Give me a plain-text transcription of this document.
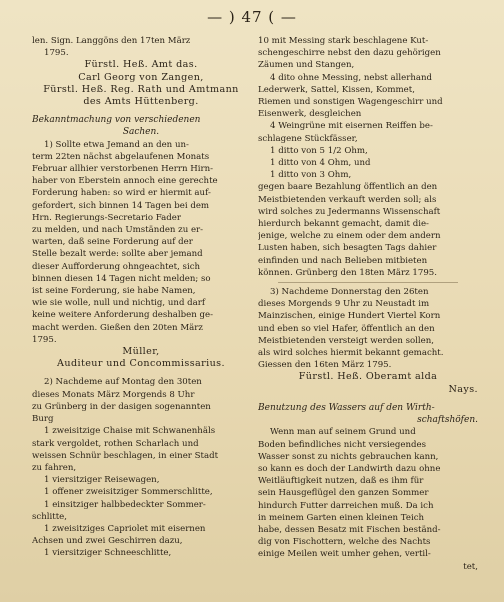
— ) 47 ( —
len. Sign. Langgöns den 17ten März
1795.
Fürstl. Heß. Amt das.
Carl Georg von Zangen,
Fürstl. Heß. Reg. Rath und Amtmann
des Amts Hüttenberg.
Bekanntmachung von verschiedenen
Sachen.
1) Sollte etwa Jemand an den un-
term 22ten nächst abgelaufenen Monats
Februar allhier verstorbenen Herrn Hirn-
haber von Eberstein annoch eine gerechte
Forderung haben: so wird er hiermit auf-
gefordert, sich binnen 14 Tagen bei dem
Hrn. Regierungs-Secretario Fader
zu melden, und nach Umständen zu er-
warten, daß seine Forderung auf der
Stelle bezalt werde: sollte aber jemand
dieser Aufforderung ohngeachtet, sich
binnen diesen 14 Tagen nicht melden; so
ist seine Forderung, sie habe Namen,
wie sie wolle, null und nichtig, und darf
keine weitere Anforderung deshalben ge-
macht werden. Gießen den 20ten März
1795.
Müller,
Auditeur und Concommissarius.
2) Nachdeme auf Montag den 30ten
dieses Monats März Morgends 8 Uhr
zu Grünberg in der dasigen sogenannten
Burg
1 zweisitzige Chaise mit Schwanenhäls
stark vergoldet, rothen Scharlach und
weissen Schnür beschlagen, in einer Stadt
zu fahren,
1 viersitziger Reisewagen,
1 offener zweisitziger Sommerschlitte,
1 einsitziger halbbedeckter Sommer-
schlitte,
1 zweisitziges Capriolet mit eisernen
Achsen und zwei Geschirren dazu,
1 viersitziger Schneeschlitte,
10 mit Messing stark beschlagene Kut-
schengeschirre nebst den dazu gehörigen
Zäumen und Stangen,
4 dito ohne Messing, nebst allerhand
Lederwerk, Sattel, Kissen, Kommet,
Riemen und sonstigen Wagengeschirr und
Eisenwerk, desgleichen
4 Weingrüne mit eisernen Reiffen be-
schlagene Stückfässer,
1 ditto von 5 1/2 Ohm,
1 ditto von 4 Ohm, und
1 ditto von 3 Ohm,
gegen baare Bezahlung öffentlich an den
Meistbietenden verkauft werden soll; als
wird solches zu Jedermanns Wissenschaft
hierdurch bekannt gemacht, damit die-
jenige, welche zu einem oder dem andern
Lusten haben, sich besagten Tags dahier
einfinden und nach Belieben mitbieten
können. Grünberg den 18ten März 1795.
3) Nachdeme Donnerstag den 26ten
dieses Morgends 9 Uhr zu Neustadt im
Mainzischen, einige Hundert Viertel Korn
und eben so viel Hafer, öffentlich an den
Meistbietenden versteigt werden sollen,
als wird solches hiermit bekannt gemacht.
Giessen den 16ten März 1795.
Fürstl. Heß. Oberamt alda
Nays.
Benutzung des Wassers auf den Wirth-
schaftshöfen.
Wenn man auf seinem Grund und
Boden befindliches nicht versiegendes
Wasser sonst zu nichts gebrauchen kann,
so kann es doch der Landwirth dazu ohne
Weitläuftigkeit nutzen, daß es ihm für
sein Hausgeflügel den ganzen Sommer
hindurch Futter darreichen muß. Da ich
in meinem Garten einen kleinen Teich
habe, dessen Besatz mit Fischen beständ-
dig von Fischottern, welche des Nachts
einige Meilen weit umher gehen, vertil-
tet,
